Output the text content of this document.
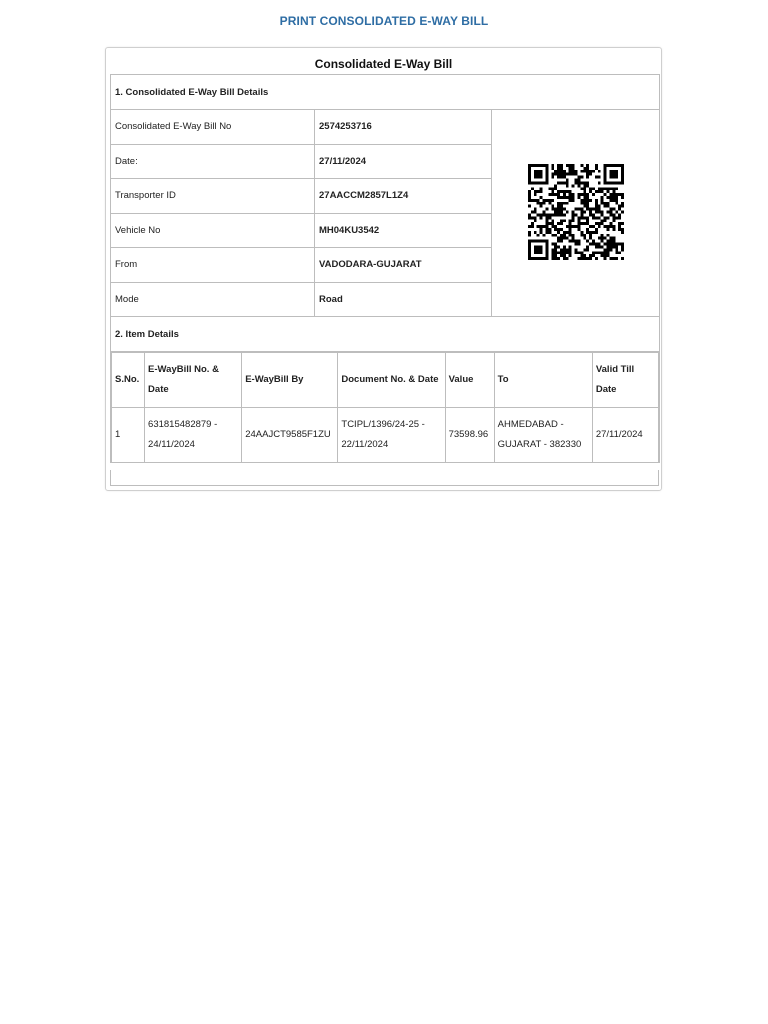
PRINT CONSOLIDATED E-WAY BILL
Consolidated E-Way Bill
1. Consolidated E-Way Bill Details
Consolidated E-Way Bill No	2574253716	
Date:	27/11/2024
Transporter ID	27AACCM2857L1Z4
Vehicle No	MH04KU3542
From	VADODARA-GUJARAT
Mode	Road
2. Item Details

S.No.	E-WayBill No. & Date	E-WayBill By	Document No. & Date	Value	To	Valid Till Date
1	631815482879 - 24/11/2024	24AAJCT9585F1ZU	TCIPL/1396/24-25 - 22/11/2024	73598.96	AHMEDABAD - GUJARAT - 382330	27/11/2024
